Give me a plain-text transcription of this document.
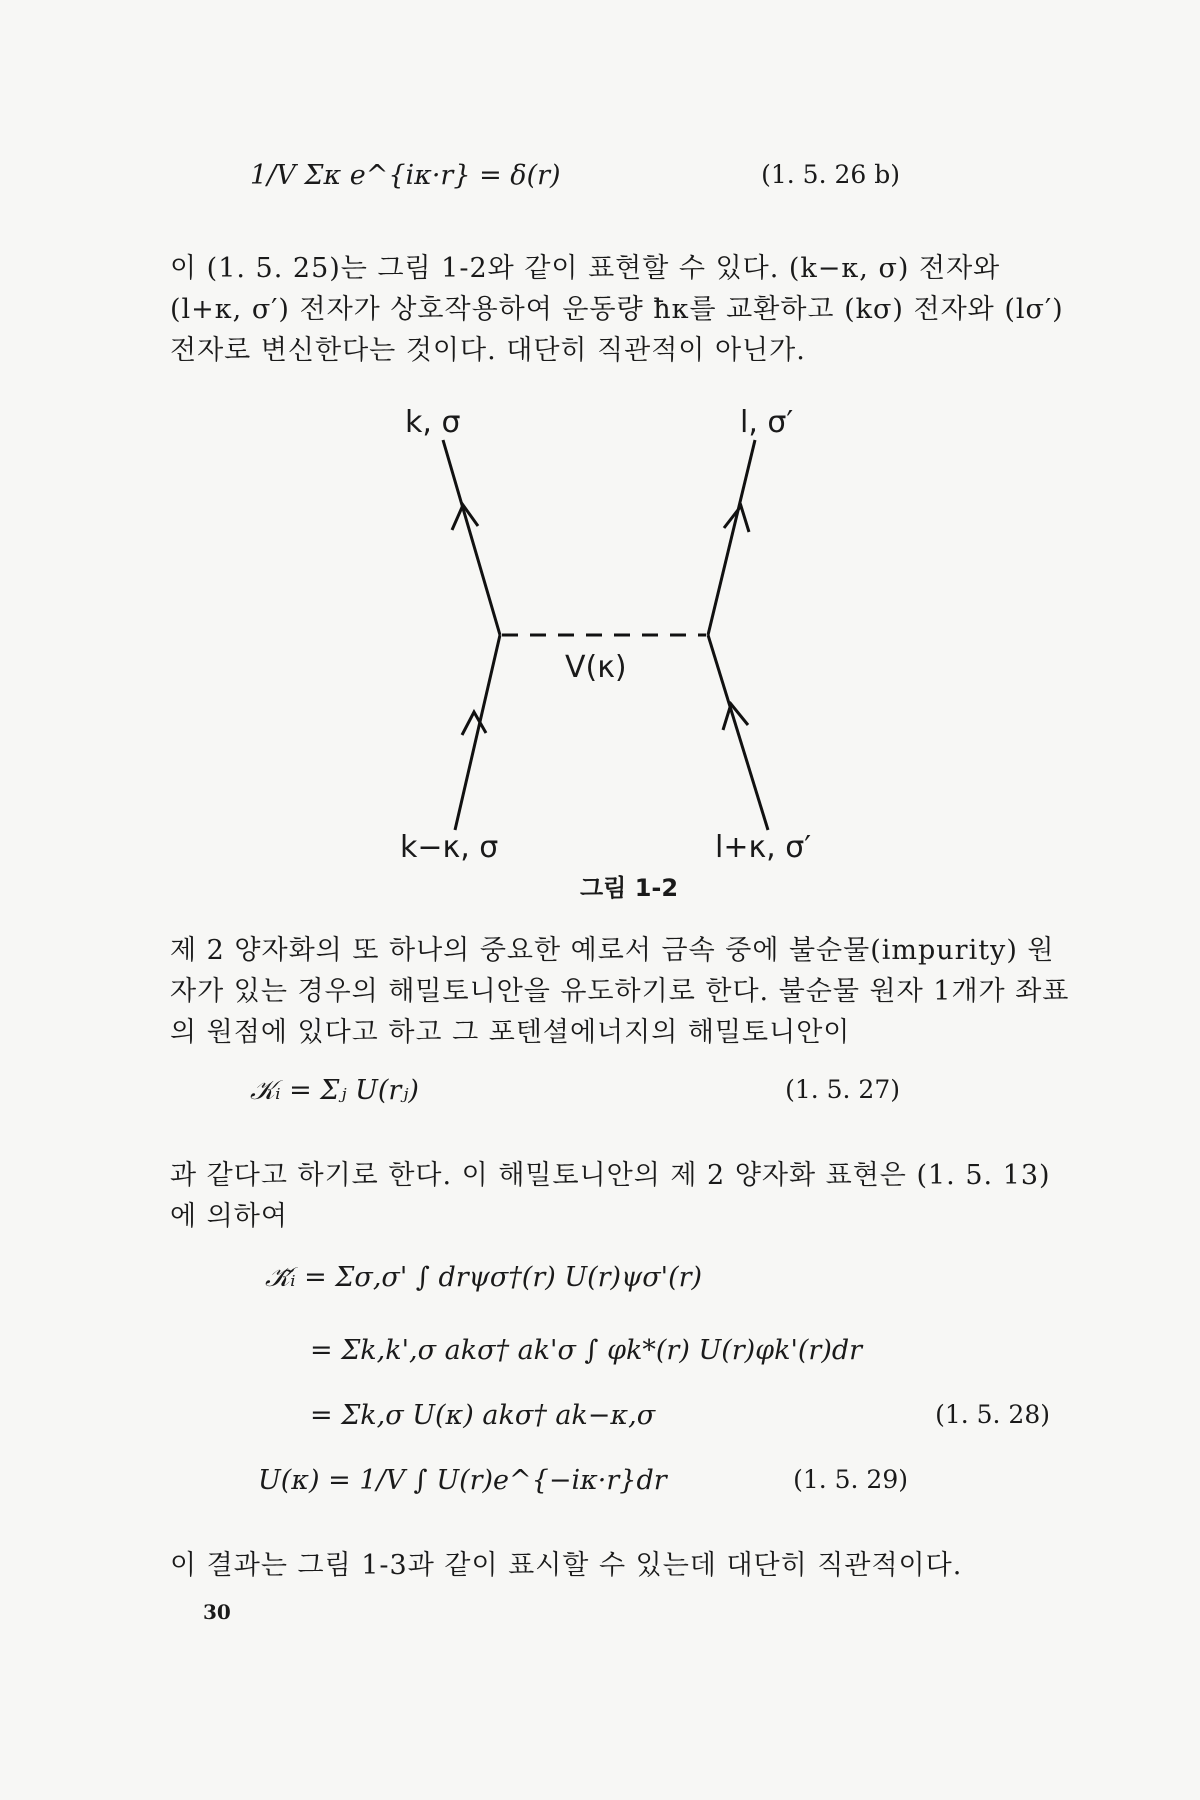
1/V Σκ e^{iκ·r} = δ(r)	(1. 5. 26 b)

이 (1. 5. 25)는 그림 1-2와 같이 표현할 수 있다. (k−κ, σ) 전자와 (l+κ, σ′) 전자가 상호작용하여 운동량 ħκ를 교환하고 (kσ) 전자와 (lσ′) 전자로 변신한다는 것이다. 대단히 직관적이 아닌가.

k, σ	l, σ′
V(κ)
k−κ, σ	l+κ, σ′
그림 1-2

제 2 양자화의 또 하나의 중요한 예로서 금속 중에 불순물(impurity) 원자가 있는 경우의 해밀토니안을 유도하기로 한다. 불순물 원자 1개가 좌표의 원점에 있다고 하고 그 포텐셜에너지의 해밀토니안이

𝒦ᵢ = Σⱼ U(rⱼ)	(1. 5. 27)

과 같다고 하기로 한다. 이 해밀토니안의 제 2 양자화 표현은 (1. 5. 13) 에 의하여

𝒦̃ᵢ = Σσ,σ' ∫ drψσ†(r) U(r)ψσ'(r)
= Σk,k',σ akσ† ak'σ ∫ φk*(r) U(r)φk'(r)dr
= Σk,σ U(κ) akσ† ak−κ,σ	(1. 5. 28)
U(κ) = 1/V ∫ U(r)e^{−iκ·r}dr	(1. 5. 29)

이 결과는 그림 1-3과 같이 표시할 수 있는데 대단히 직관적이다.

30
